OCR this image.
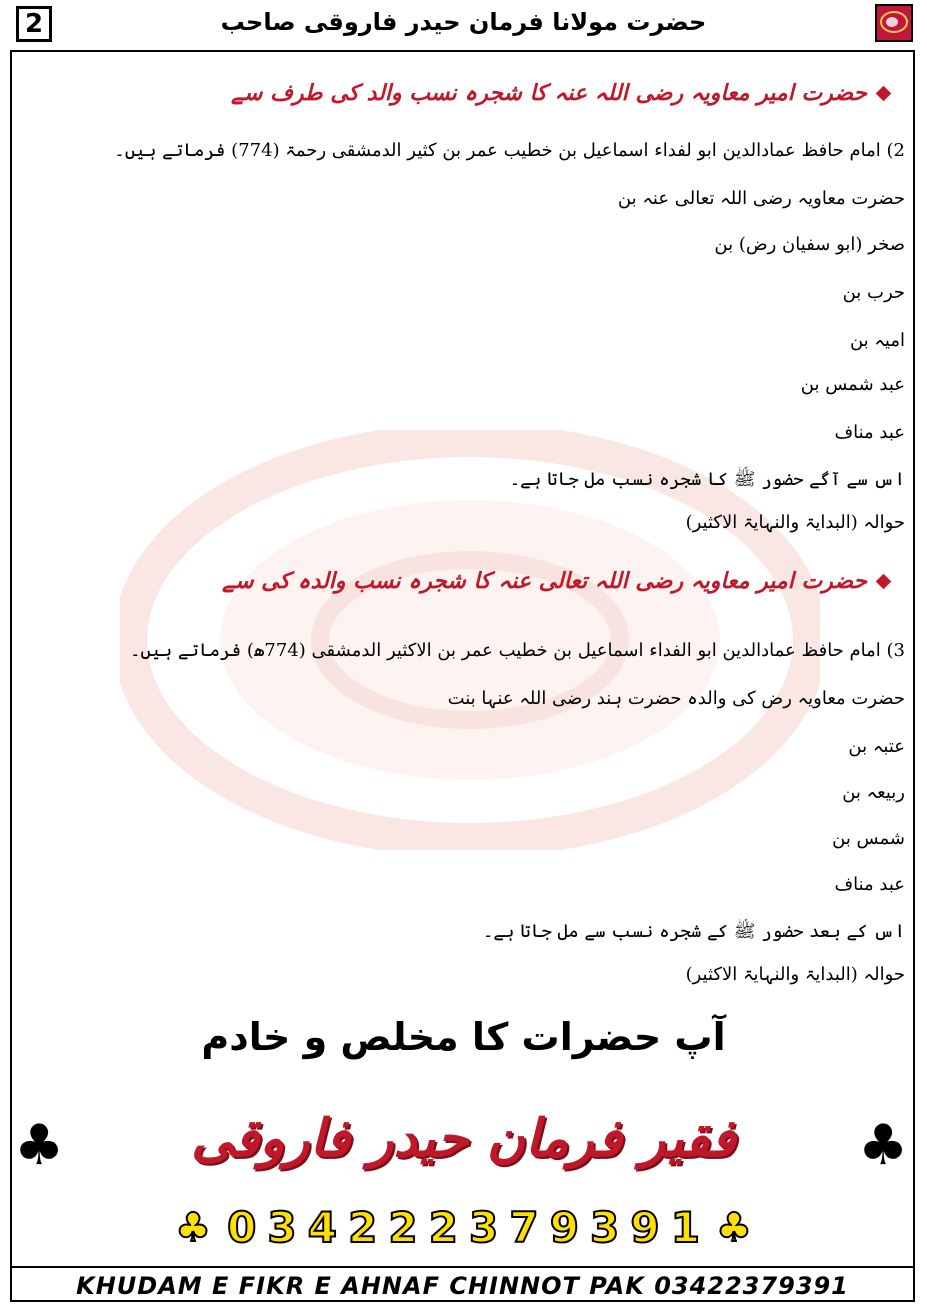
2	حضرت مولانا فرمان حیدر فاروقی صاحب
حضرت امیر معاویہ رضی اللہ عنہ کا شجرہ نسب والد کی طرف سے
2) امام حافظ عمادالدین ابو لفداء اسماعیل بن خطیب عمر بن کثیر الدمشقی رحمۃ (774) فرماتے ہیں۔
حضرت معاویہ رضی اللہ تعالی عنہ بن
صخر (ابو سفیان رض) بن
حرب بن
امیہ بن
عبد شمس بن
عبد مناف
اس سے آگے حضور ﷺ کا شجرہ نسب مل جاتا ہے۔
حوالہ (البدایۃ والنہایۃ الاکثیر)
حضرت امیر معاویہ رضی اللہ تعالی عنہ کا شجرہ نسب والدہ کی سے
3) امام حافظ عمادالدین ابو الفداء اسماعیل بن خطیب عمر بن الاکثیر الدمشقی (774ھ) فرماتے ہیں۔
حضرت معاویہ رض کی والدہ حضرت ہند رضی اللہ عنہا بنت
عتبہ بن
ربیعہ بن
شمس بن
عبد مناف
اس کے بعد حضور ﷺ کے شجرہ نسب سے مل جاتا ہے۔
حوالہ (البدایۃ والنہایۃ الاکثیر)
آپ حضرات کا مخلص و خادم
♣	فقیر فرمان حیدر فاروقی	♣
♣ 0 3 4 2 2 2 3 7 9 3 9 1 ♣
KHUDAM E FIKR E AHNAF CHINNOT PAK 03422379391
